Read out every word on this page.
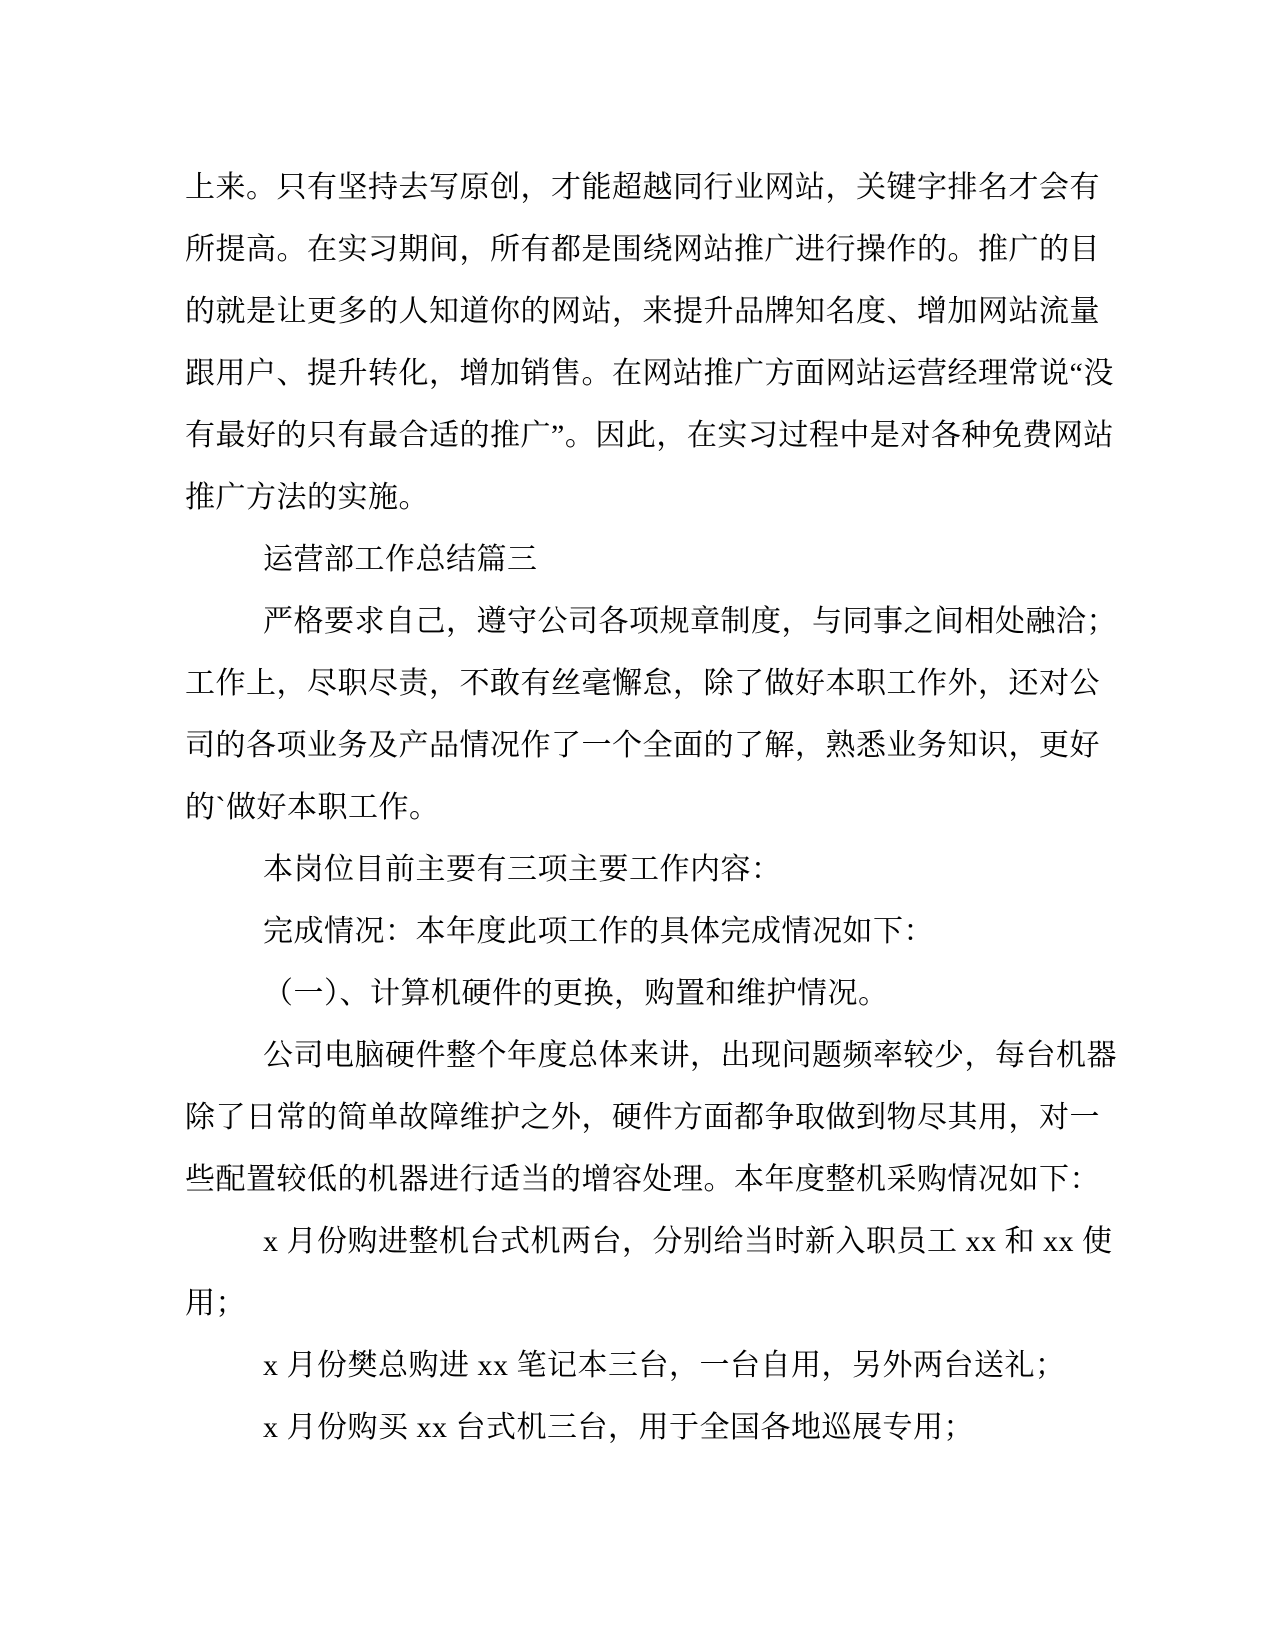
上来。只有坚持去写原创，才能超越同行业网站，关键字排名才会有

所提高。在实习期间，所有都是围绕网站推广进行操作的。推广的目

的就是让更多的人知道你的网站，来提升品牌知名度、增加网站流量

跟用户、提升转化，增加销售。在网站推广方面网站运营经理常说“没

有最好的只有最合适的推广”。因此，在实习过程中是对各种免费网站

推广方法的实施。

运营部工作总结篇三

严格要求自己，遵守公司各项规章制度，与同事之间相处融洽；

工作上，尽职尽责，不敢有丝毫懈怠，除了做好本职工作外，还对公

司的各项业务及产品情况作了一个全面的了解，熟悉业务知识，更好

的`做好本职工作。

本岗位目前主要有三项主要工作内容：

完成情况：本年度此项工作的具体完成情况如下：

（一）、计算机硬件的更换，购置和维护情况。

公司电脑硬件整个年度总体来讲，出现问题频率较少，每台机器

除了日常的简单故障维护之外，硬件方面都争取做到物尽其用，对一

些配置较低的机器进行适当的增容处理。本年度整机采购情况如下：

x 月份购进整机台式机两台，分别给当时新入职员工 xx 和 xx 使

用；

x 月份樊总购进 xx 笔记本三台，一台自用，另外两台送礼；

x 月份购买 xx 台式机三台，用于全国各地巡展专用；
